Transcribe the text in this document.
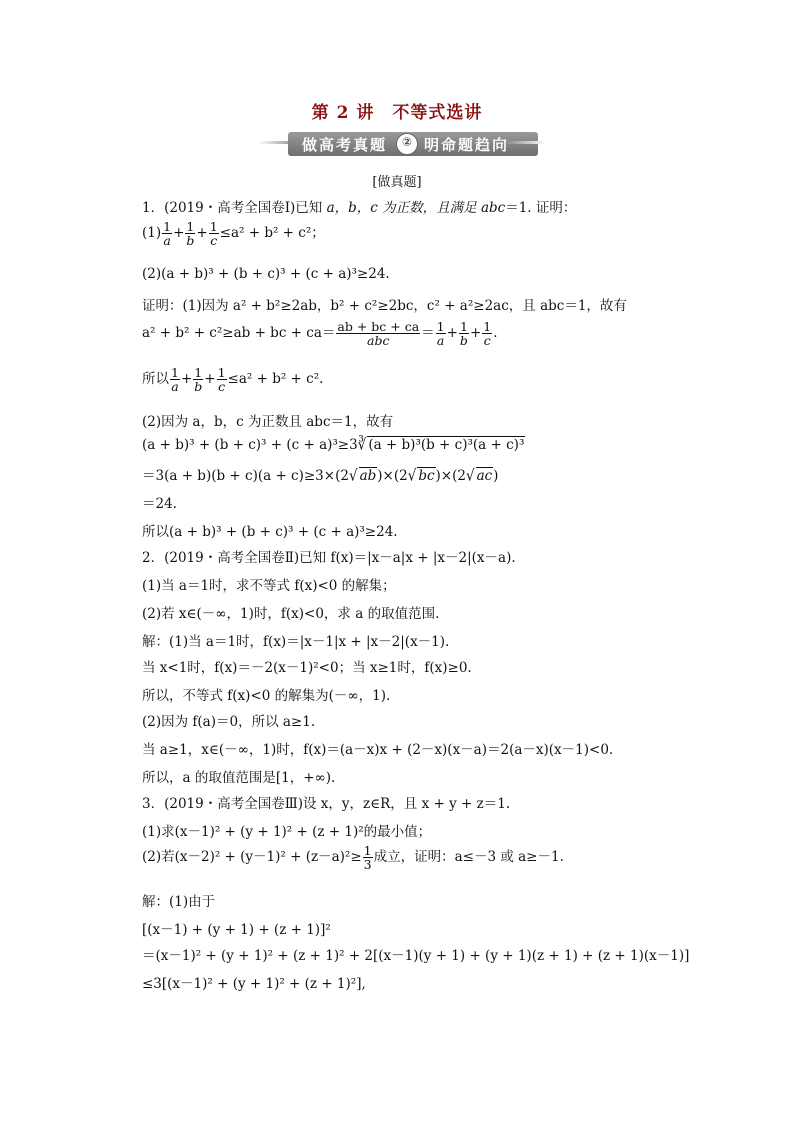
第 2 讲　不等式选讲
做高考真题	② 明命题趋向
[做真题]
1．(2019・高考全国卷Ⅰ)已知 a，b，c 为正数，且满足 abc＝1. 证明：
$(1) \frac{1}{a} + \frac{1}{b} + \frac{1}{c} \le a^2 + b^2 + c^2$；
(2)(a + b)³ + (b + c)³ + (c + a)³≥24.
证明：(1)因为 a² + b²≥2ab，b² + c²≥2bc，c² + a²≥2ac，且 abc＝1，故有
a² + b² + c²≥ab + bc + $ca= \frac{ab + bc + ca}{\text{abc}} = \frac{1}{a} + \frac{1}{b} + \frac{1}{c}$ .
所以 $\frac{1}{a} + \frac{1}{b} + \frac{1}{c} \le a^2 + b^2 + c^2$.
(2)因为 a，b，c 为正数且 abc＝1，故有
(a + b)³ + (b + c)³ + (c + a)³≥3∛ (a + b)³(b + c)³(a + c)³
＝3(a + b)(b + c)(a + c)≥3×(2√ ab)×(2√ bc)×(2√ ac)
＝24.
所以(a + b)³ + (b + c)³ + (c + a)³≥24.
2．(2019・高考全国卷Ⅱ)已知 f(x)＝|x－a|x + |x－2|(x－a).
(1)当 a＝1时，求不等式 f(x)<0 的解集；
(2)若 x∈(－∞，1)时，f(x)<0，求 a 的取值范围.
解：(1)当 a＝1时，f(x)＝|x－1|x + |x－2|(x－1).
当 x<1时，f(x)＝－2(x－1)²<0；当 x≥1时，f(x)≥0.
所以，不等式 f(x)<0 的解集为(－∞，1).
(2)因为 f(a)＝0，所以 a≥1.
当 a≥1，x∈(－∞，1)时，f(x)＝(a－x)x + (2－x)(x－a)＝2(a－x)(x－1)<0.
所以，a 的取值范围是[1，+∞).
3．(2019・高考全国卷Ⅲ)设 x，y，z∈R，且 x + y + z＝1.
(1)求(x－1)² + (y + 1)² + (z + 1)²的最小值；
(2)若$(x-2)^2 + (y-1)^2 + (z-a)^2\ge \frac{1}{3}$ 成立，证明：a≤－3 或 a≥－1.
解：(1)由于
[(x－1) + (y + 1) + (z + 1)]²
＝(x－1)² + (y + 1)² + (z + 1)² + 2[(x－1)(y + 1) + (y + 1)(z + 1) + (z + 1)(x－1)]
≤3[(x－1)² + (y + 1)² + (z + 1)²],
